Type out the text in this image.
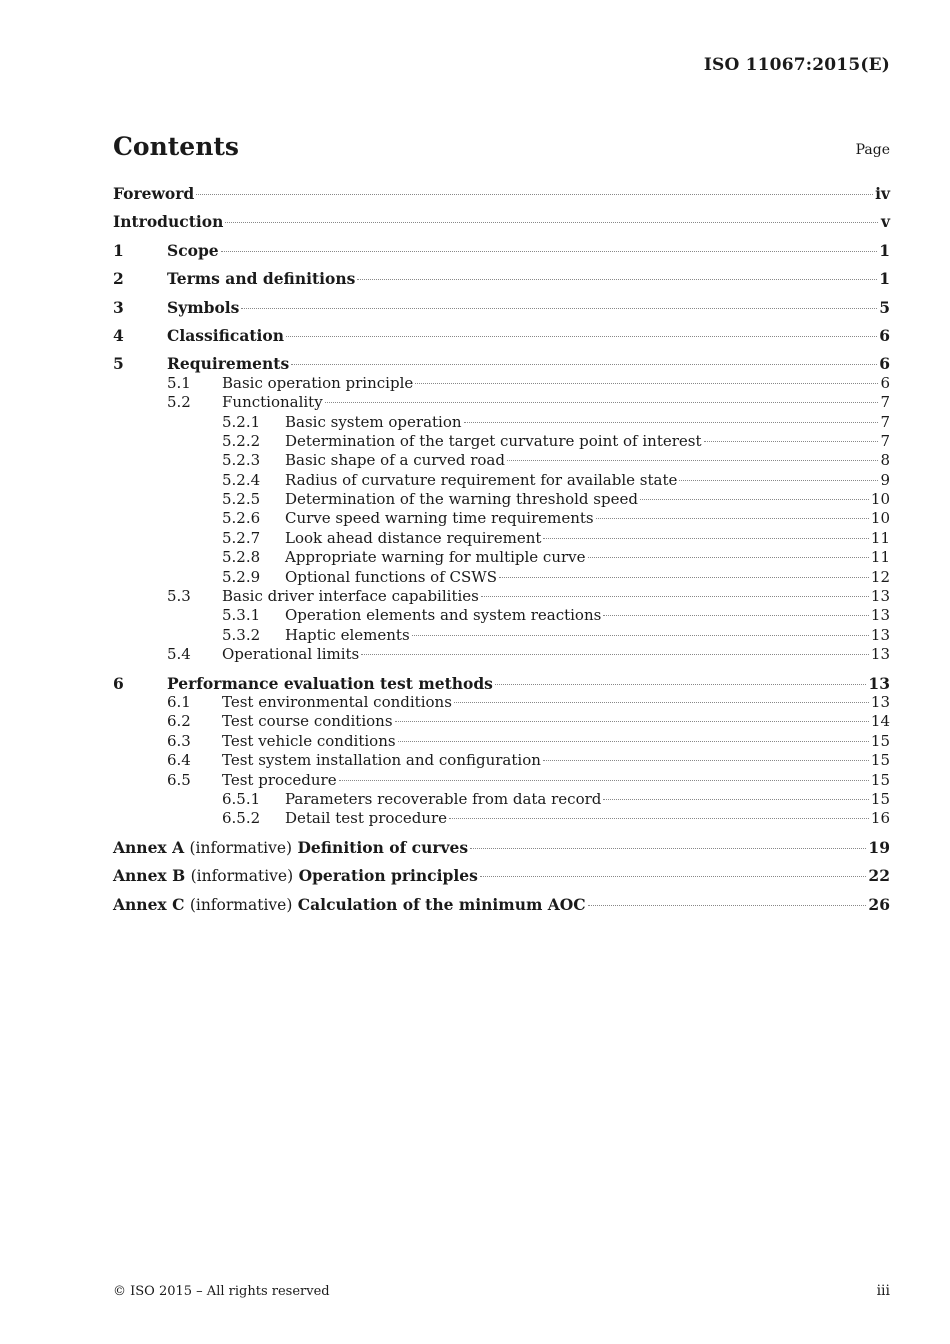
ISO 11067:2015(E)
Contents	Page
Foreword	iv
Introduction	v
1	Scope	1
2	Terms and definitions	1
3	Symbols	5
4	Classification	6
5	Requirements	6
5.1	Basic operation principle	6
5.2	Functionality	7
5.2.1	Basic system operation	7
5.2.2	Determination of the target curvature point of interest	7
5.2.3	Basic shape of a curved road	8
5.2.4	Radius of curvature requirement for available state	9
5.2.5	Determination of the warning threshold speed	10
5.2.6	Curve speed warning time requirements	10
5.2.7	Look ahead distance requirement	11
5.2.8	Appropriate warning for multiple curve	11
5.2.9	Optional functions of CSWS	12
5.3	Basic driver interface capabilities	13
5.3.1	Operation elements and system reactions	13
5.3.2	Haptic elements	13
5.4	Operational limits	13
6	Performance evaluation test methods	13
6.1	Test environmental conditions	13
6.2	Test course conditions	14
6.3	Test vehicle conditions	15
6.4	Test system installation and configuration	15
6.5	Test procedure	15
6.5.1	Parameters recoverable from data record	15
6.5.2	Detail test procedure	16
Annex A (informative) Definition of curves	19
Annex B (informative) Operation principles	22
Annex C (informative) Calculation of the minimum AOC	26
© ISO 2015 – All rights reserved	iii
